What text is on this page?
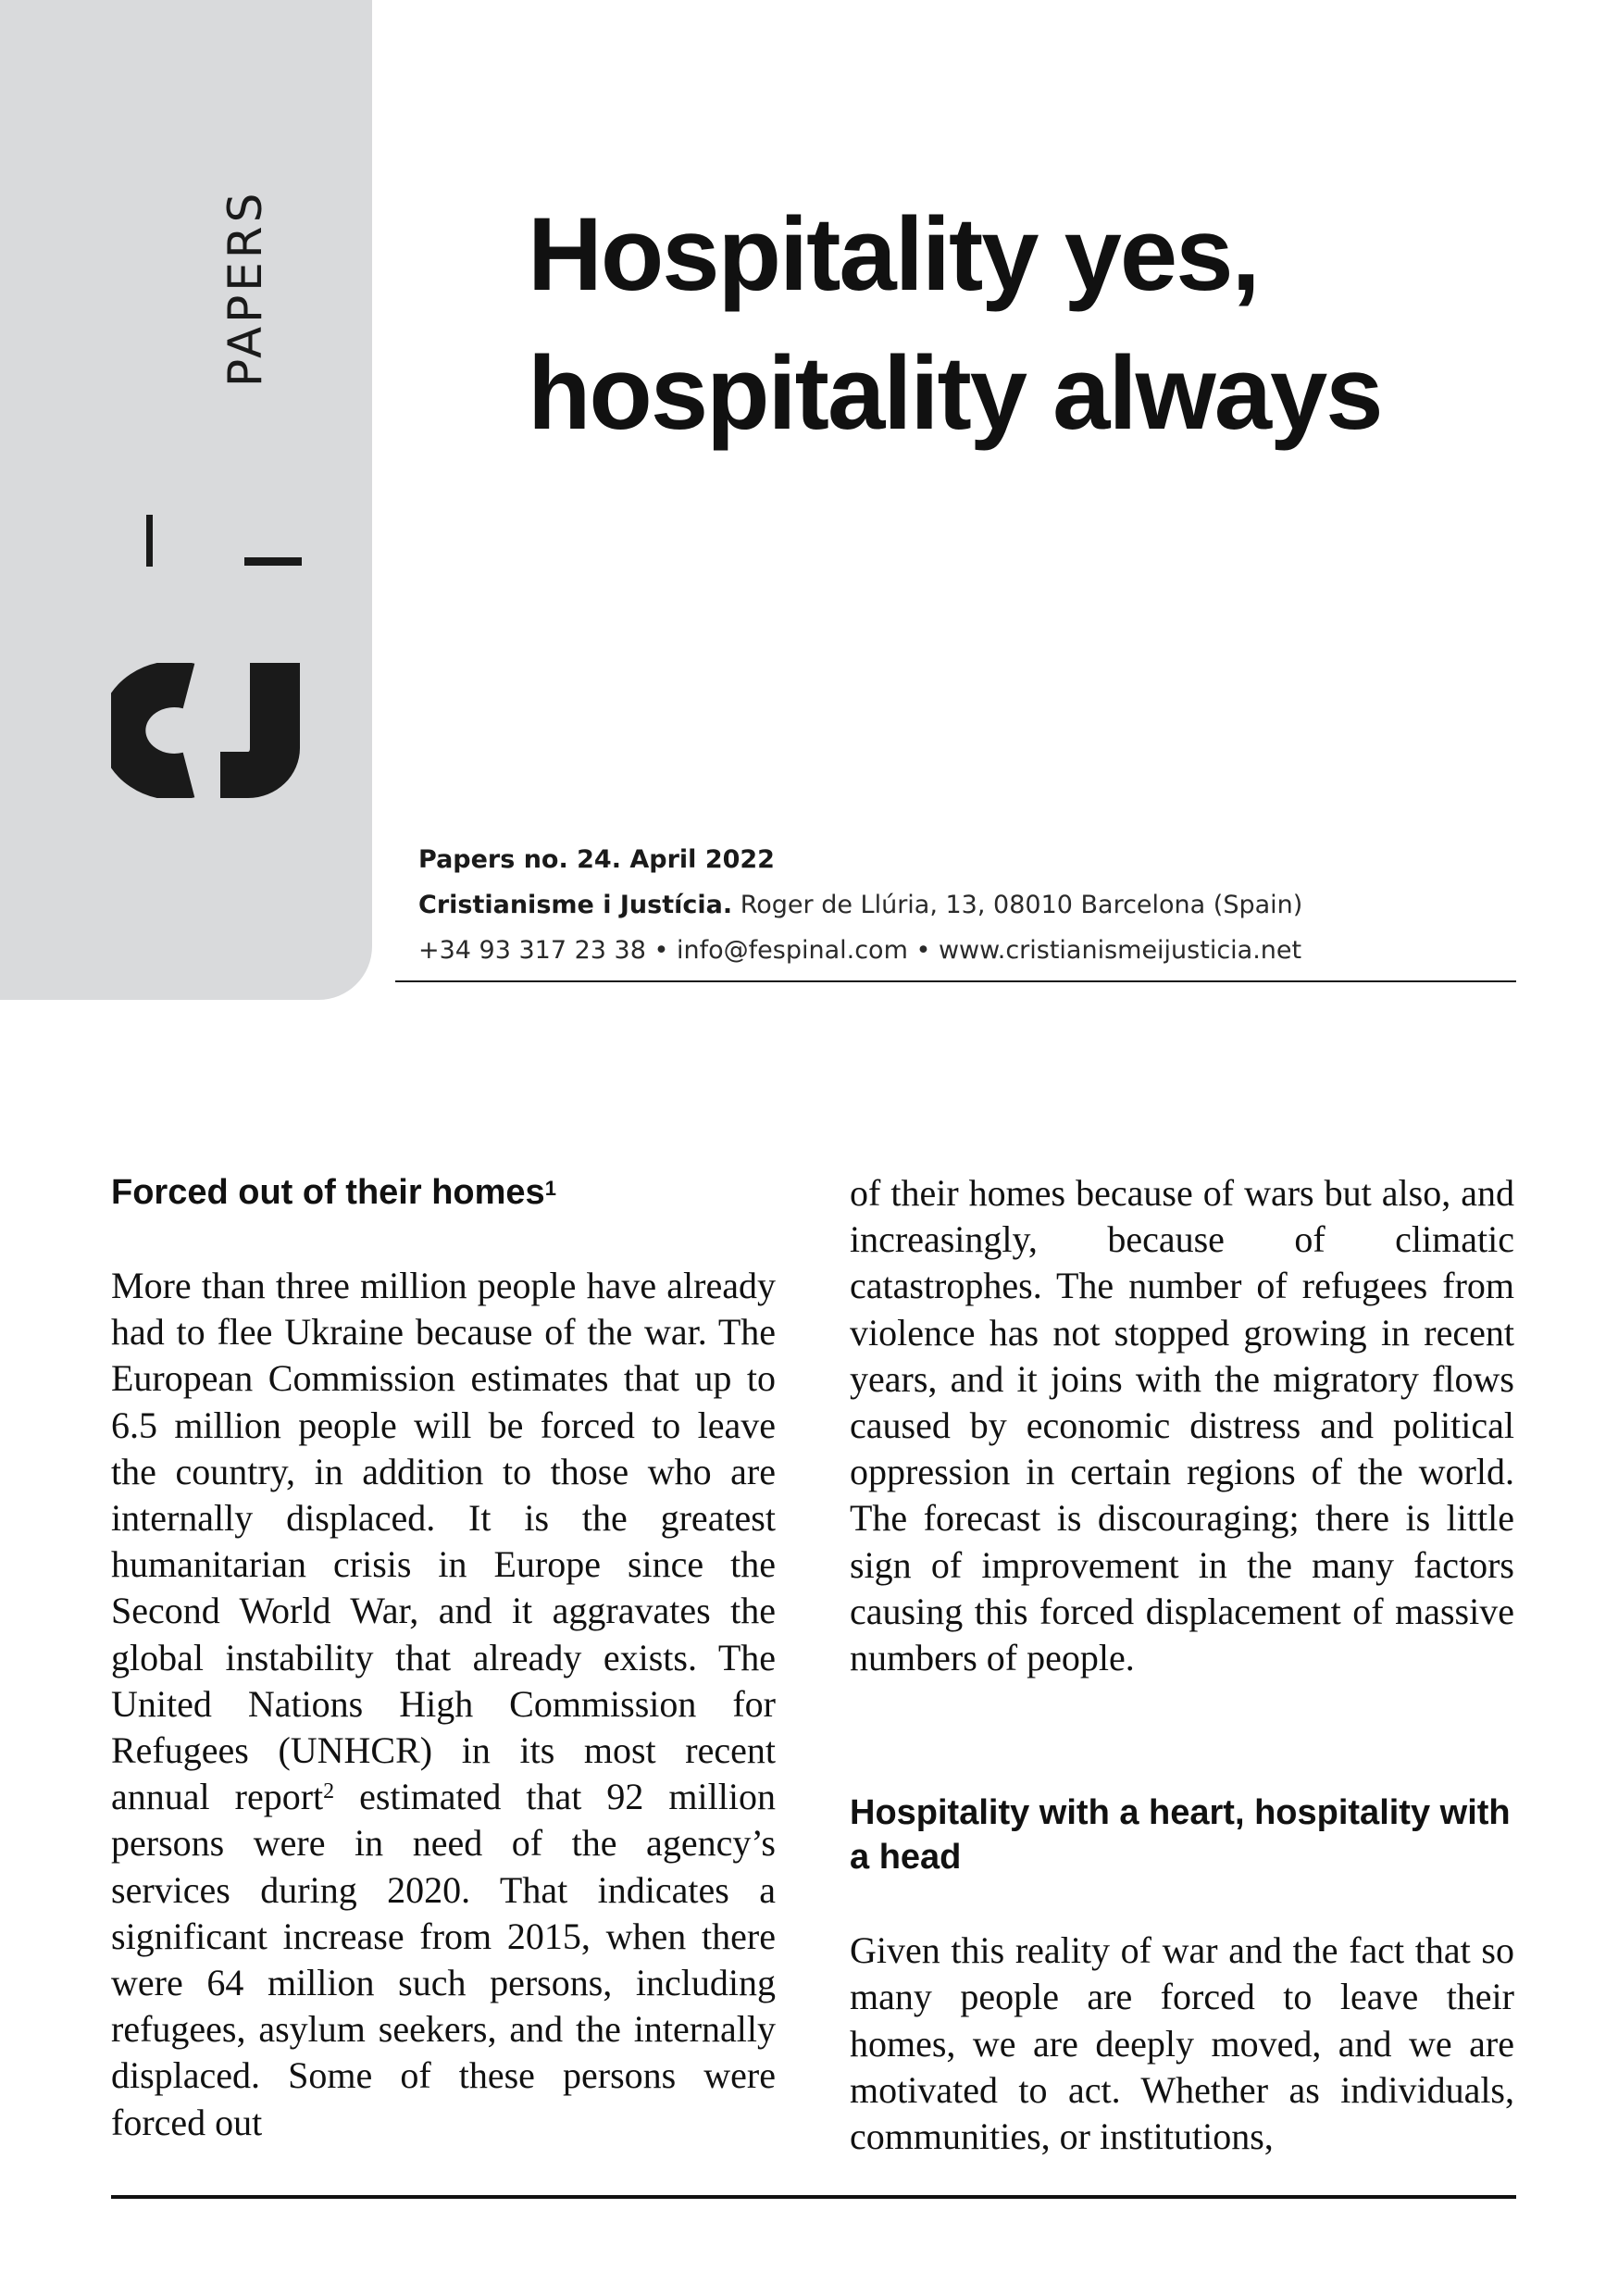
PAPERS Hospitality yes,
hospitality always
Papers no. 24. April 2022
Cristianisme i Justícia. Roger de Llúria, 13, 08010 Barcelona (Spain)
+34 93 317 23 38 • info@fespinal.com • www.cristianismeijusticia.net
Forced out of their homes$^1$

More than three million people have already had to flee Ukraine because of the war. The European Commission estimates that up to 6.5 million people will be forced to leave the country, in addition to those who are internally displaced. It is the greatest humanitarian crisis in Europe since the Second World War, and it aggravates the global instability that already exists. The United Nations High Commission for Refugees (UNHCR) in its most recent annual report$^2$ estimated that 92 million persons were in need of the agency’s services during 2020. That indicates a significant increase from 2015, when there were 64 million such persons, including refugees, asylum seekers, and the internally displaced. Some of these persons were forced out

of their homes because of wars but also, and increasingly, because of climatic catastrophes. The number of refugees from violence has not stopped growing in recent years, and it joins with the migratory flows caused by economic distress and political oppression in certain regions of the world. The forecast is discouraging; there is little sign of improvement in the many factors causing this forced displacement of massive numbers of people.

Hospitality with a heart, hospitality with a head

Given this reality of war and the fact that so many people are forced to leave their homes, we are deeply moved, and we are motivated to act. Whether as individuals, communities, or institutions,
